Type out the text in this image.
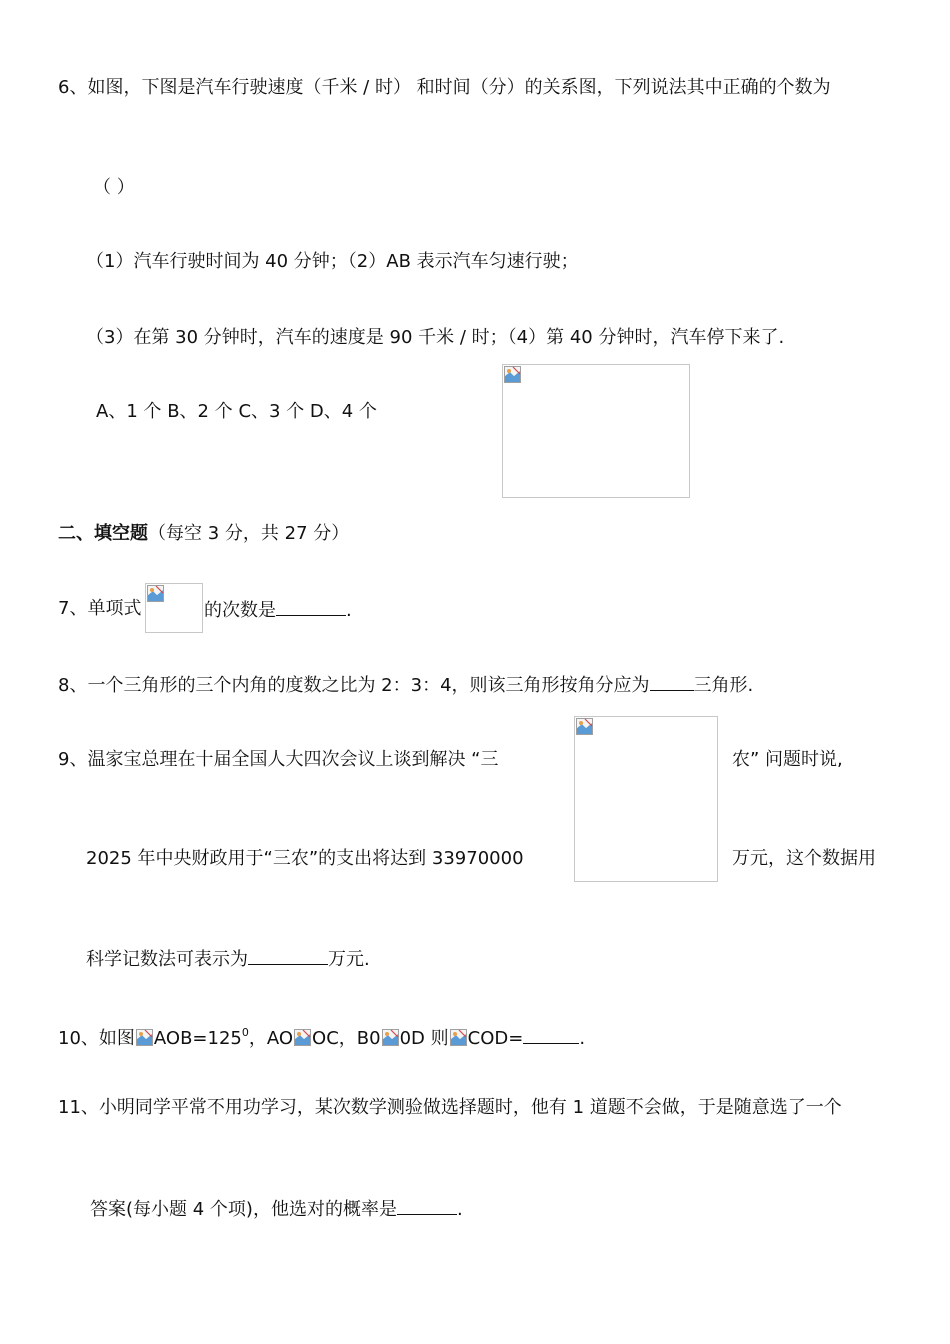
6、如图，下图是汽车行驶速度（千米 / 时） 和时间（分）的关系图，下列说法其中正确的个数为
（ ）
（1）汽车行驶时间为 40 分钟；（2）AB 表示汽车匀速行驶；
（3）在第 30 分钟时，汽车的速度是 90 千米 / 时；（4）第 40 分钟时，汽车停下来了.
A、1 个 B、2 个 C、3 个 D、4 个
二、填空题（每空 3 分，共 27 分）
7、单项式	的次数是	.
8、一个三角形的三个内角的度数之比为 2：3：4，则该三角形按角分应为 三角形.
9、温家宝总理在十届全国人大四次会议上谈到解决 “三	农” 问题时说,
2025 年中央财政用于“三农”的支出将达到 33970000	万元，这个数据用
科学记数法可表示为	万元.
10、如图 $AOB=125^0$，AO OC，B0 0D 则 COD=	.
11、小明同学平常不用功学习，某次数学测验做选择题时，他有 1 道题不会做，于是随意选了一个
答案(每小题 4 个项)，他选对的概率是	.
